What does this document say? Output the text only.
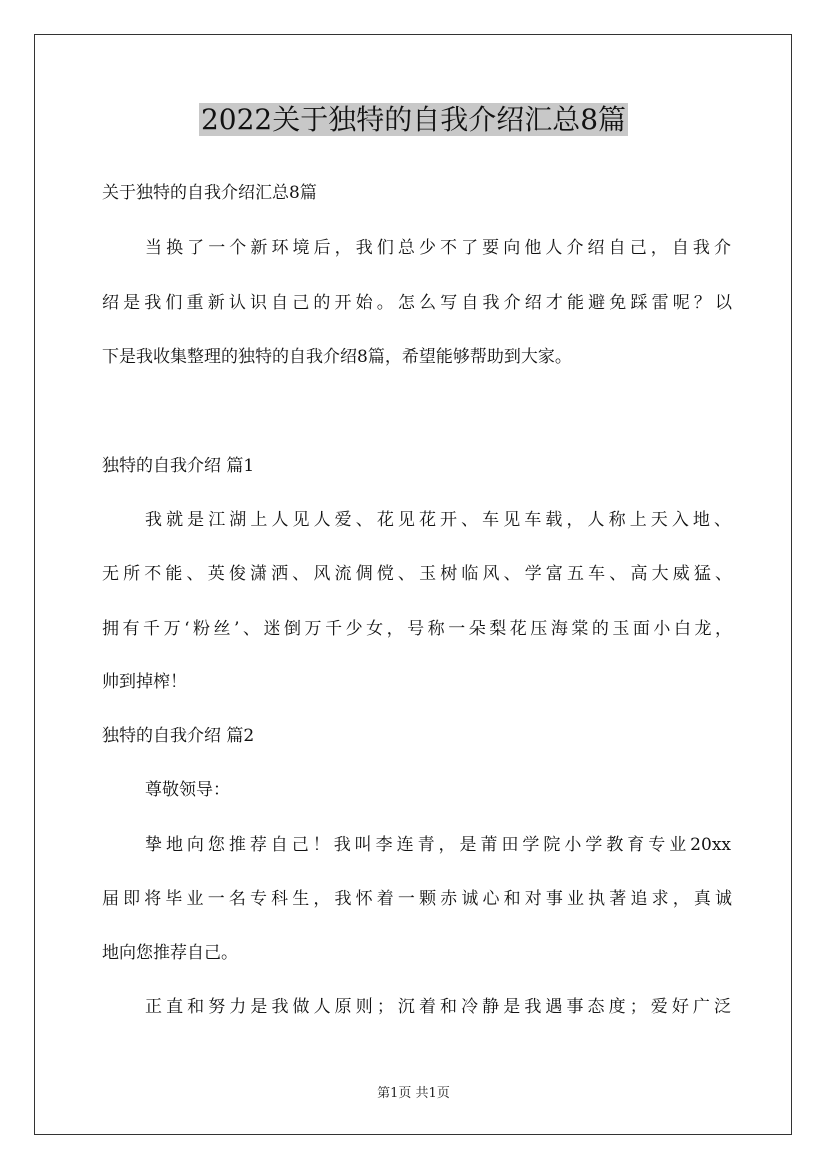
2022关于独特的自我介绍汇总8篇
关于独特的自我介绍汇总8篇
当换了一个新环境后，我们总少不了要向他人介绍自己，自我介
绍是我们重新认识自己的开始。怎么写自我介绍才能避免踩雷呢？以
下是我收集整理的独特的自我介绍8篇，希望能够帮助到大家。
独特的自我介绍 篇1
我就是江湖上人见人爱、花见花开、车见车载，人称上天入地、
无所不能、英俊潇洒、风流倜傥、玉树临风、学富五车、高大威猛、
拥有千万‘粉丝’、迷倒万千少女，号称一朵梨花压海棠的玉面小白龙，
帅到掉榨！
独特的自我介绍 篇2
尊敬领导：
挚地向您推荐自己！我叫李连青，是莆田学院小学教育专业20xx
届即将毕业一名专科生，我怀着一颗赤诚心和对事业执著追求，真诚
地向您推荐自己。
正直和努力是我做人原则；沉着和冷静是我遇事态度；爱好广泛
第1页 共1页
